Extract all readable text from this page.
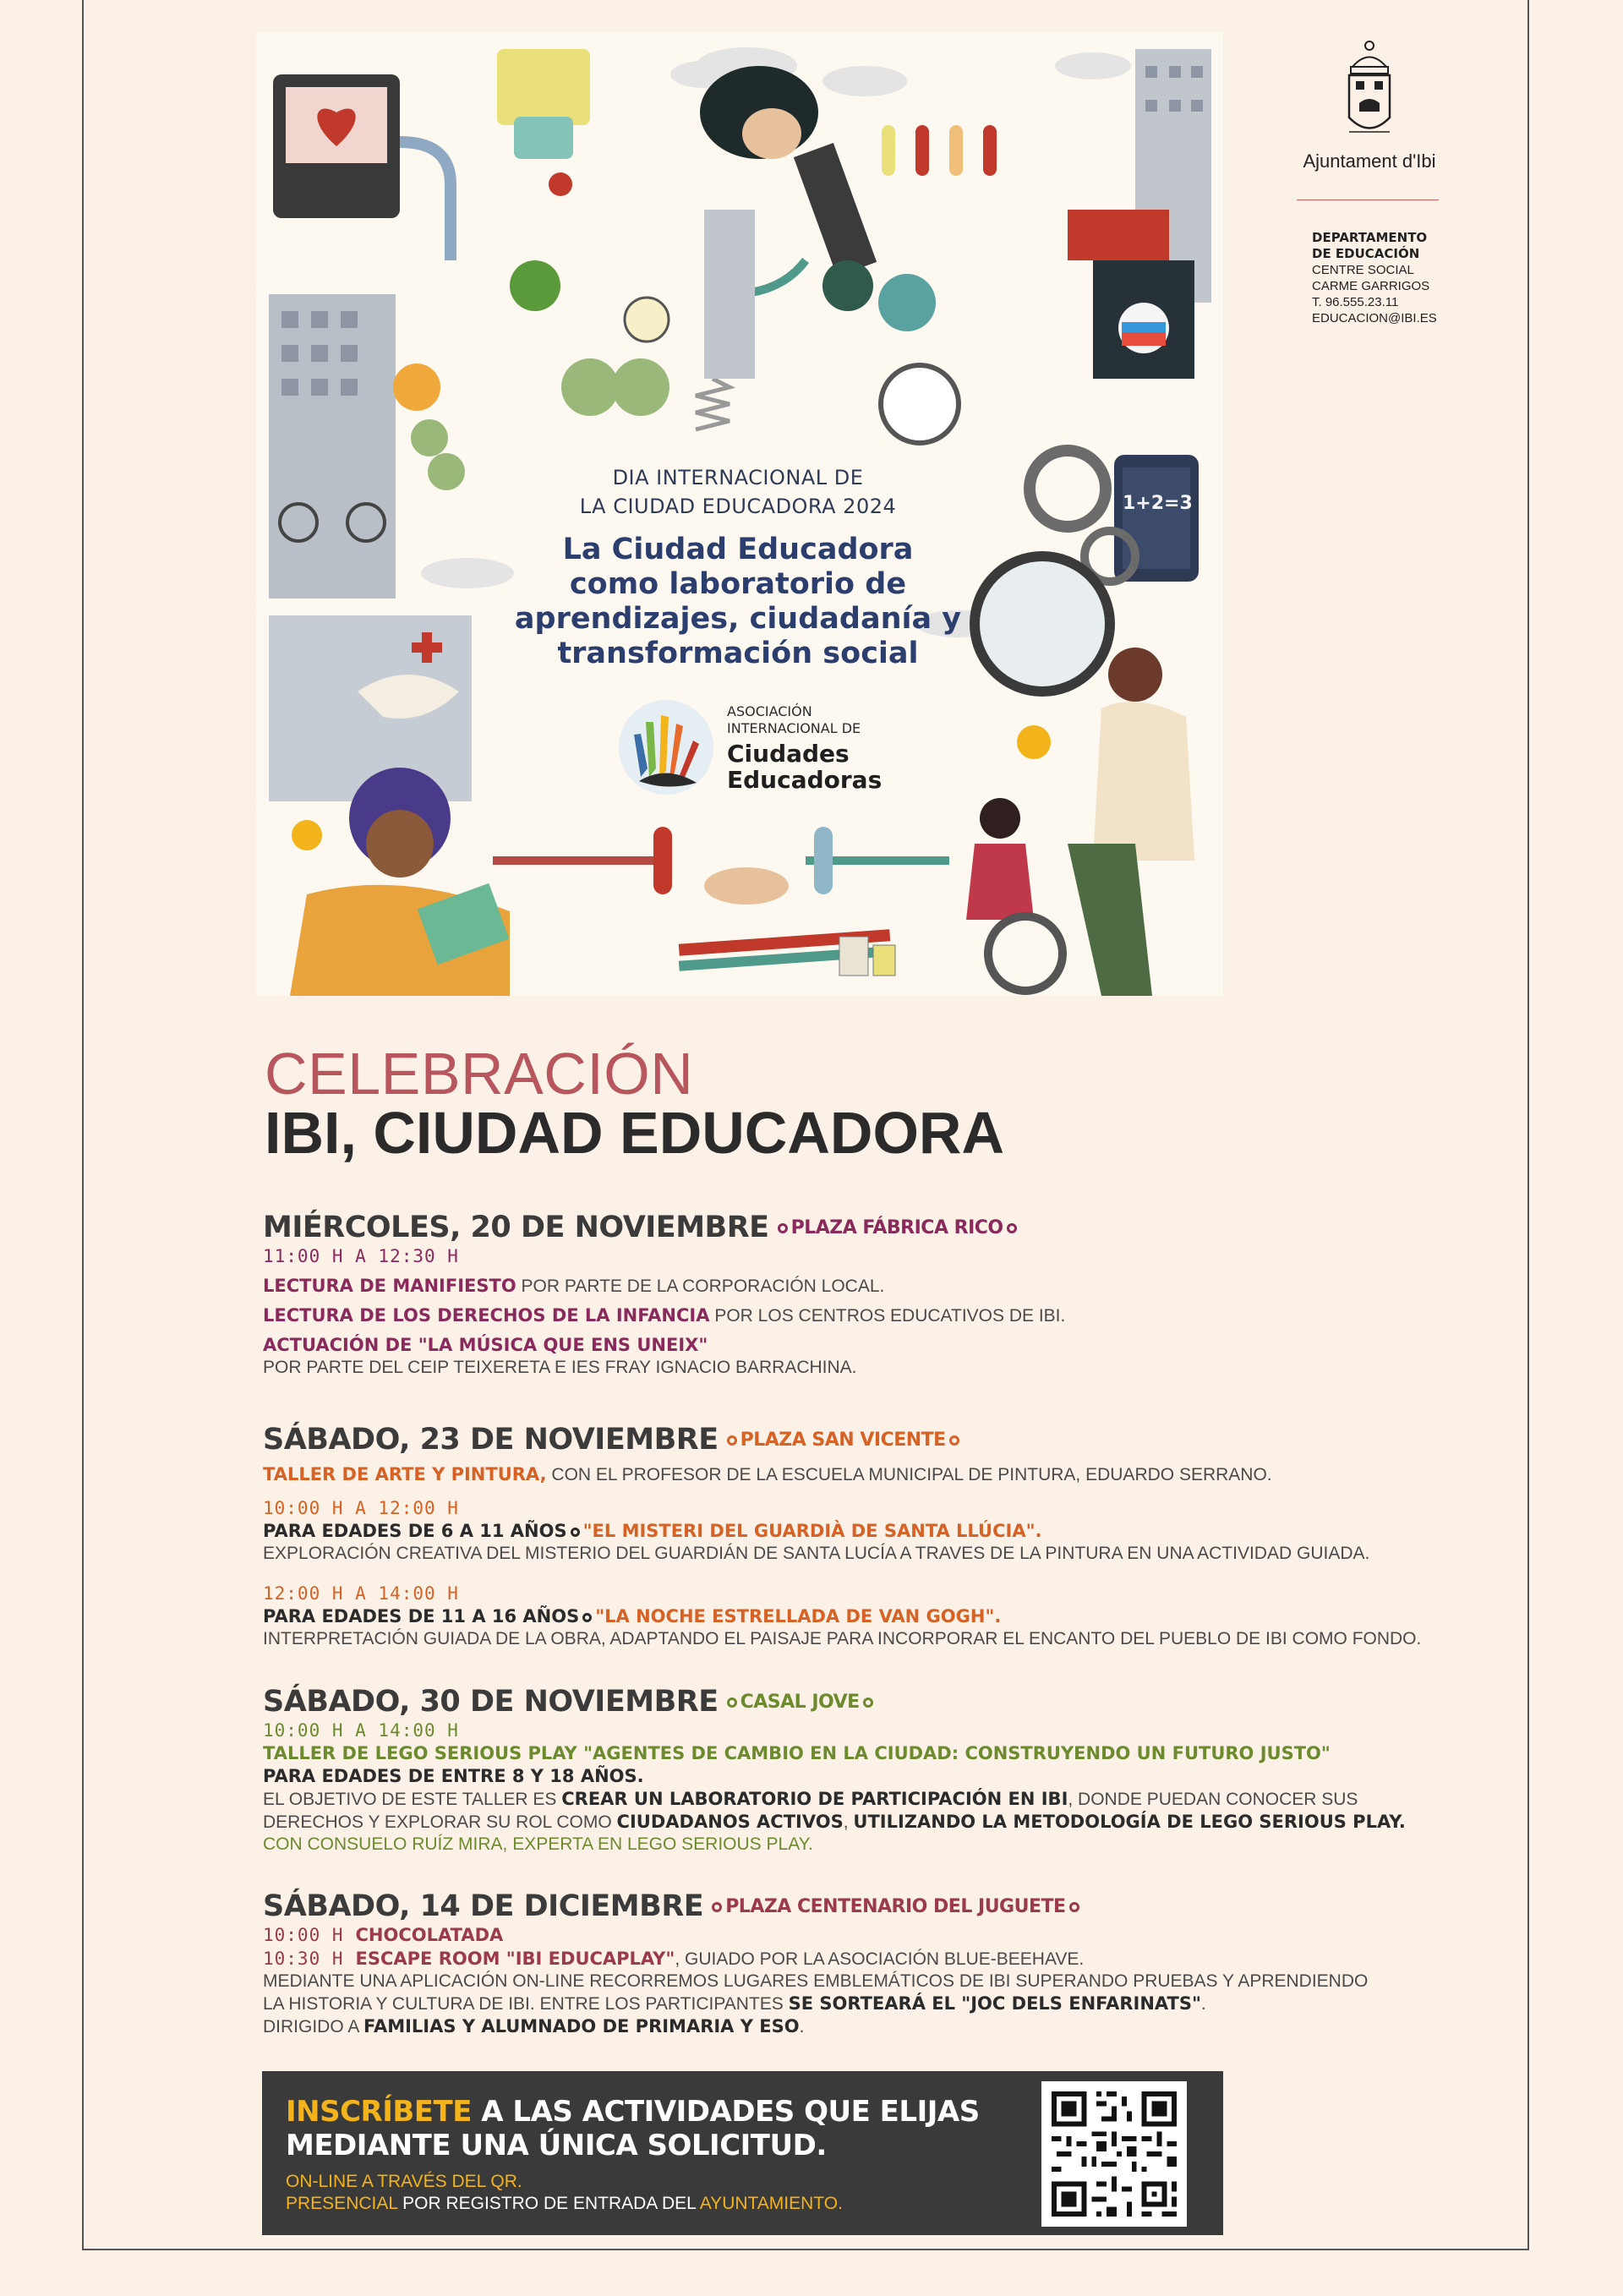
DIA INTERNACIONAL DE
LA CIUDAD EDUCADORA 2024
La Ciudad Educadora
como laboratorio de
aprendizajes, ciudadanía y
transformación social
1+2=3
ASOCIACIÓN
INTERNACIONAL DE
Ciudades
Educadoras
Ajuntament d'Ibi
DEPARTAMENTO
DE EDUCACIÓN
CENTRE SOCIAL
CARME GARRIGOS
T. 96.555.23.11
EDUCACION@IBI.ES
CELEBRACIÓN
IBI, CIUDAD EDUCADORA
MIÉRCOLES, 20 DE NOVIEMBRE PLAZA FÁBRICA RICO
11:00 H A 12:30 H
LECTURA DE MANIFIESTO POR PARTE DE LA CORPORACIÓN LOCAL.
LECTURA DE LOS DERECHOS DE LA INFANCIA POR LOS CENTROS EDUCATIVOS DE IBI.
ACTUACIÓN DE "LA MÚSICA QUE ENS UNEIX"
POR PARTE DEL CEIP TEIXERETA E IES FRAY IGNACIO BARRACHINA.
SÁBADO, 23 DE NOVIEMBRE PLAZA SAN VICENTE
TALLER DE ARTE Y PINTURA, CON EL PROFESOR DE LA ESCUELA MUNICIPAL DE PINTURA, EDUARDO SERRANO.
10:00 H A 12:00 H
PARA EDADES DE 6 A 11 AÑOS "EL MISTERI DEL GUARDIÀ DE SANTA LLÚCIA".
EXPLORACIÓN CREATIVA DEL MISTERIO DEL GUARDIÁN DE SANTA LUCÍA A TRAVES DE LA PINTURA EN UNA ACTIVIDAD GUIADA.
12:00 H A 14:00 H
PARA EDADES DE 11 A 16 AÑOS "LA NOCHE ESTRELLADA DE VAN GOGH".
INTERPRETACIÓN GUIADA DE LA OBRA, ADAPTANDO EL PAISAJE PARA INCORPORAR EL ENCANTO DEL PUEBLO DE IBI COMO FONDO.
SÁBADO, 30 DE NOVIEMBRE CASAL JOVE
10:00 H A 14:00 H
TALLER DE LEGO SERIOUS PLAY "AGENTES DE CAMBIO EN LA CIUDAD: CONSTRUYENDO UN FUTURO JUSTO"
PARA EDADES DE ENTRE 8 Y 18 AÑOS.
EL OBJETIVO DE ESTE TALLER ES CREAR UN LABORATORIO DE PARTICIPACIÓN EN IBI, DONDE PUEDAN CONOCER SUS
DERECHOS Y EXPLORAR SU ROL COMO CIUDADANOS ACTIVOS, UTILIZANDO LA METODOLOGÍA DE LEGO SERIOUS PLAY.
CON CONSUELO RUÍZ MIRA, EXPERTA EN LEGO SERIOUS PLAY.
SÁBADO, 14 DE DICIEMBRE PLAZA CENTENARIO DEL JUGUETE
10:00 H CHOCOLATADA
10:30 H ESCAPE ROOM "IBI EDUCAPLAY", GUIADO POR LA ASOCIACIÓN BLUE-BEEHAVE.
MEDIANTE UNA APLICACIÓN ON-LINE RECORREMOS LUGARES EMBLEMÁTICOS DE IBI SUPERANDO PRUEBAS Y APRENDIENDO
LA HISTORIA Y CULTURA DE IBI. ENTRE LOS PARTICIPANTES SE SORTEARÁ EL "JOC DELS ENFARINATS".
DIRIGIDO A FAMILIAS Y ALUMNADO DE PRIMARIA Y ESO.
INSCRÍBETE A LAS ACTIVIDADES QUE ELIJAS
MEDIANTE UNA ÚNICA SOLICITUD.
ON-LINE A TRAVÉS DEL QR.
PRESENCIAL POR REGISTRO DE ENTRADA DEL AYUNTAMIENTO.
